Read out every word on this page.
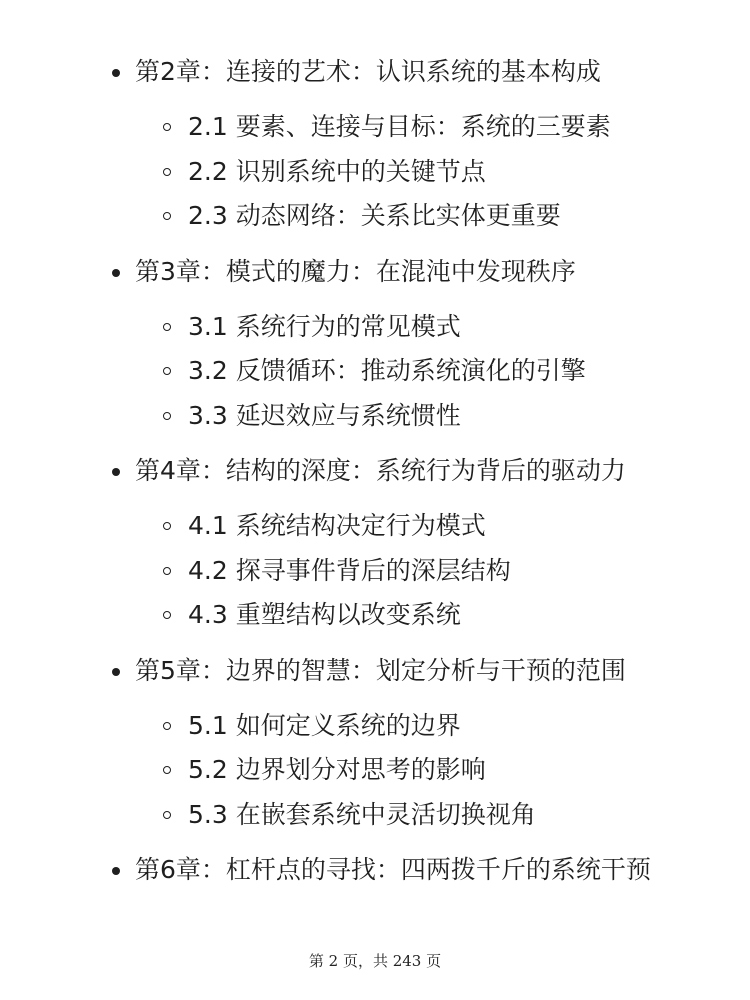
第2章：连接的艺术：认识系统的基本构成
2.1 要素、连接与目标：系统的三要素
2.2 识别系统中的关键节点
2.3 动态网络：关系比实体更重要
第3章：模式的魔力：在混沌中发现秩序
3.1 系统行为的常见模式
3.2 反馈循环：推动系统演化的引擎
3.3 延迟效应与系统惯性
第4章：结构的深度：系统行为背后的驱动力
4.1 系统结构决定行为模式
4.2 探寻事件背后的深层结构
4.3 重塑结构以改变系统
第5章：边界的智慧：划定分析与干预的范围
5.1 如何定义系统的边界
5.2 边界划分对思考的影响
5.3 在嵌套系统中灵活切换视角
第6章：杠杆点的寻找：四两拨千斤的系统干预
第 2 页，共 243 页
